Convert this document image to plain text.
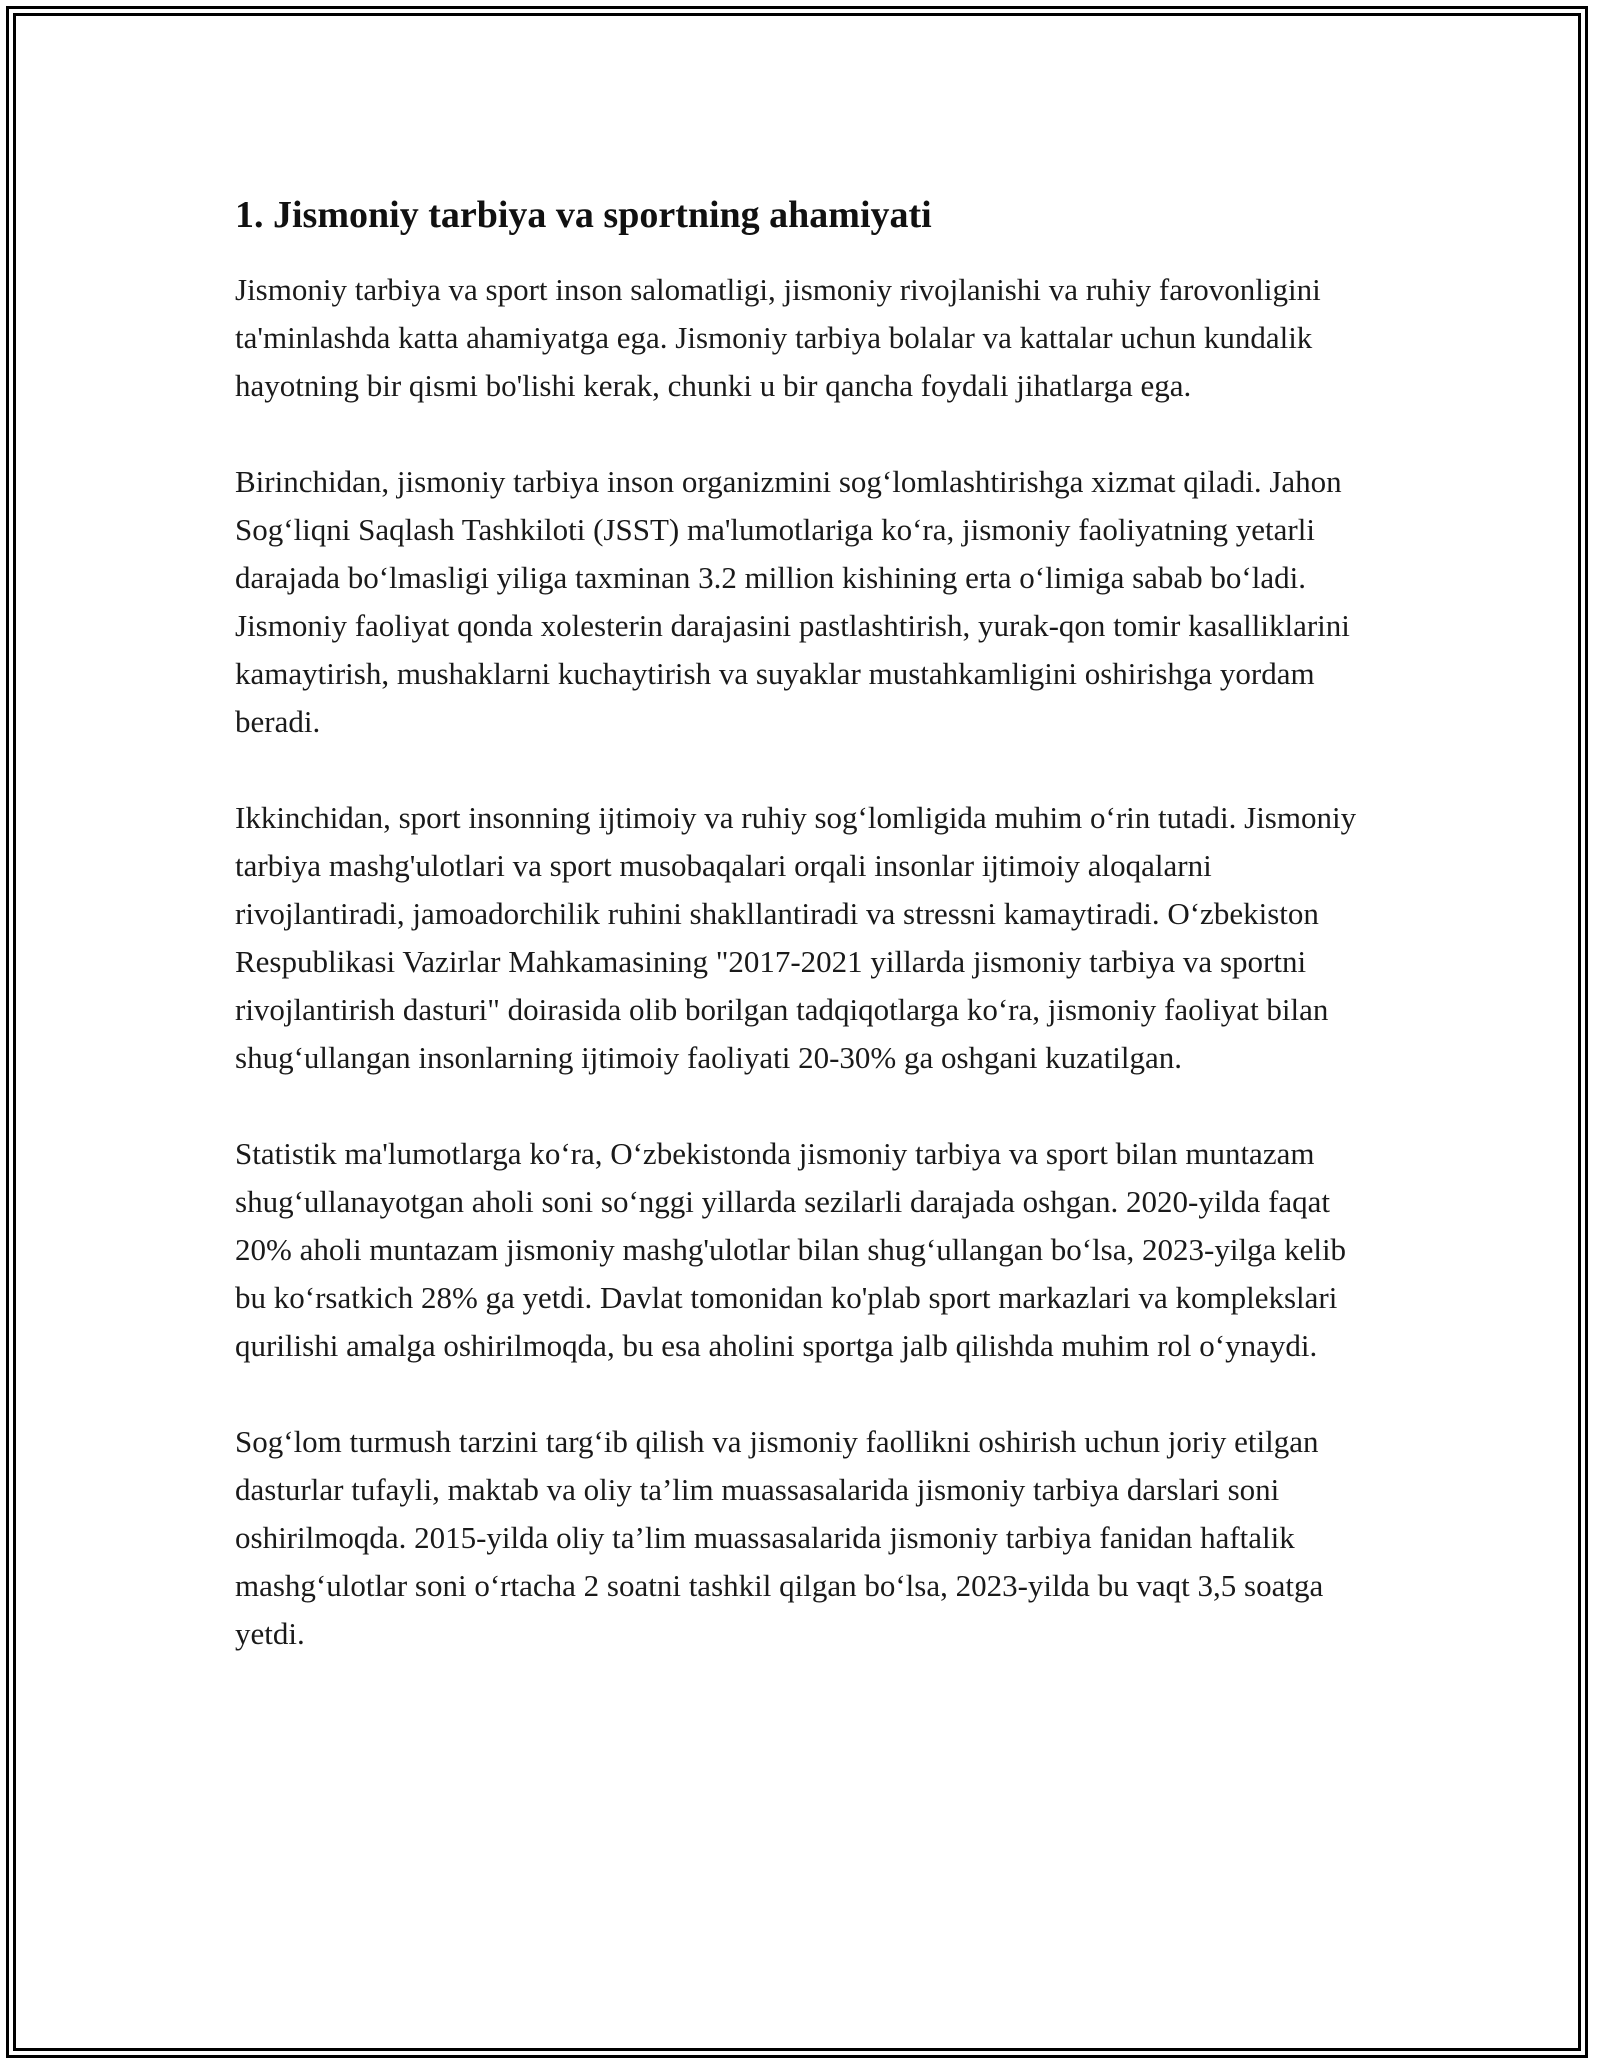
1. Jismoniy tarbiya va sportning ahamiyati

Jismoniy tarbiya va sport inson salomatligi, jismoniy rivojlanishi va ruhiy farovonligini ta'minlashda katta ahamiyatga ega. Jismoniy tarbiya bolalar va kattalar uchun kundalik hayotning bir qismi bo'lishi kerak, chunki u bir qancha foydali jihatlarga ega.

Birinchidan, jismoniy tarbiya inson organizmini sog‘lomlashtirishga xizmat qiladi. Jahon Sog‘liqni Saqlash Tashkiloti (JSST) ma'lumotlariga ko‘ra, jismoniy faoliyatning yetarli darajada bo‘lmasligi yiliga taxminan 3.2 million kishining erta o‘limiga sabab bo‘ladi. Jismoniy faoliyat qonda xolesterin darajasini pastlashtirish, yurak-qon tomir kasalliklarini kamaytirish, mushaklarni kuchaytirish va suyaklar mustahkamligini oshirishga yordam beradi.

Ikkinchidan, sport insonning ijtimoiy va ruhiy sog‘lomligida muhim o‘rin tutadi. Jismoniy tarbiya mashg'ulotlari va sport musobaqalari orqali insonlar ijtimoiy aloqalarni rivojlantiradi, jamoadorchilik ruhini shakllantiradi va stressni kamaytiradi. O‘zbekiston Respublikasi Vazirlar Mahkamasining "2017-2021 yillarda jismoniy tarbiya va sportni rivojlantirish dasturi" doirasida olib borilgan tadqiqotlarga ko‘ra, jismoniy faoliyat bilan shug‘ullangan insonlarning ijtimoiy faoliyati 20-30% ga oshgani kuzatilgan.

Statistik ma'lumotlarga ko‘ra, O‘zbekistonda jismoniy tarbiya va sport bilan muntazam shug‘ullanayotgan aholi soni so‘nggi yillarda sezilarli darajada oshgan. 2020-yilda faqat 20% aholi muntazam jismoniy mashg'ulotlar bilan shug‘ullangan bo‘lsa, 2023-yilga kelib bu ko‘rsatkich 28% ga yetdi. Davlat tomonidan ko'plab sport markazlari va komplekslari qurilishi amalga oshirilmoqda, bu esa aholini sportga jalb qilishda muhim rol o‘ynaydi.

Sog‘lom turmush tarzini targ‘ib qilish va jismoniy faollikni oshirish uchun joriy etilgan dasturlar tufayli, maktab va oliy ta’lim muassasalarida jismoniy tarbiya darslari soni oshirilmoqda. 2015-yilda oliy ta’lim muassasalarida jismoniy tarbiya fanidan haftalik mashg‘ulotlar soni o‘rtacha 2 soatni tashkil qilgan bo‘lsa, 2023-yilda bu vaqt 3,5 soatga yetdi.
